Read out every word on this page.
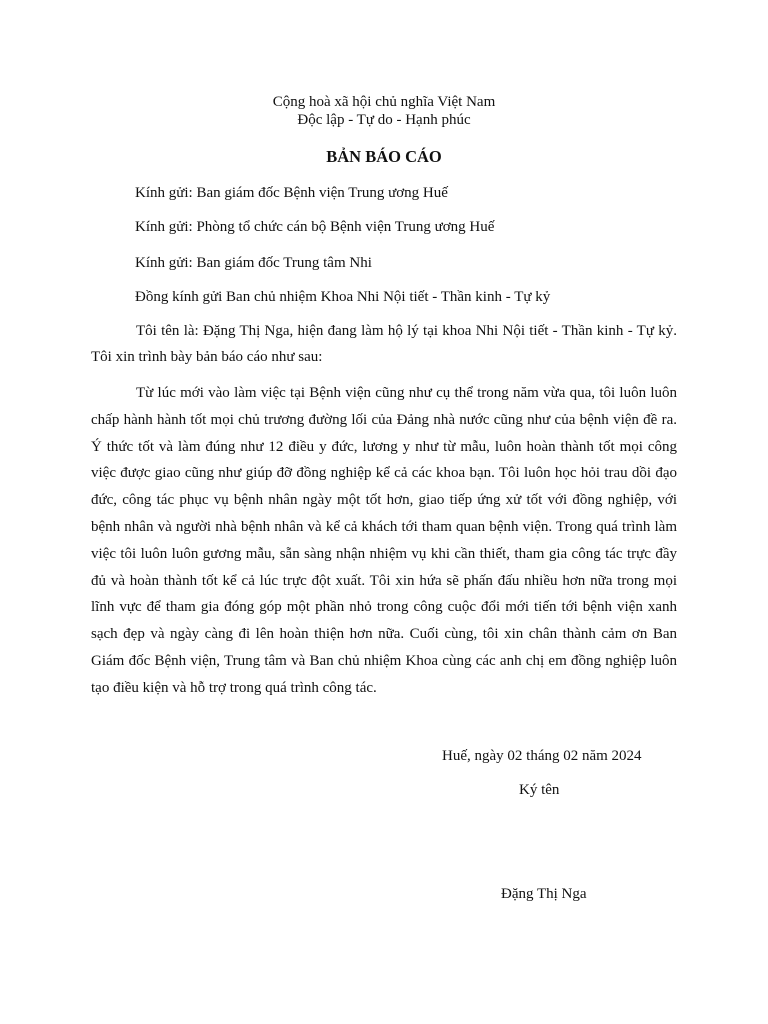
Cộng hoà xã hội chủ nghĩa Việt Nam
Độc lập - Tự do - Hạnh phúc
BẢN BÁO CÁO
Kính gửi: Ban giám đốc Bệnh viện Trung ương Huế
Kính gửi: Phòng tổ chức cán bộ Bệnh viện Trung ương Huế
Kính gửi: Ban giám đốc Trung tâm Nhi
Đồng kính gửi Ban chủ nhiệm Khoa Nhi Nội tiết - Thần kinh - Tự kỷ
Tôi tên là: Đặng Thị Nga, hiện đang làm hộ lý tại khoa Nhi Nội tiết - Thần kinh - Tự kỷ. Tôi xin trình bày bản báo cáo như sau:
Từ lúc mới vào làm việc tại Bệnh viện cũng như cụ thể trong năm vừa qua, tôi luôn luôn chấp hành hành tốt mọi chủ trương đường lối của Đảng nhà nước cũng như của bệnh viện đề ra. Ý thức tốt và làm đúng như 12 điều y đức, lương y như từ mẫu, luôn hoàn thành tốt mọi công việc được giao cũng như giúp đỡ đồng nghiệp kể cả các khoa bạn. Tôi luôn học hỏi trau dồi đạo đức, công tác phục vụ bệnh nhân ngày một tốt hơn, giao tiếp ứng xử tốt với đồng nghiệp, với bệnh nhân và người nhà bệnh nhân và kể cả khách tới tham quan bệnh viện. Trong quá trình làm việc tôi luôn luôn gương mẫu, sẵn sàng nhận nhiệm vụ khi cần thiết, tham gia công tác trực đầy đủ và hoàn thành tốt kể cả lúc trực đột xuất. Tôi xin hứa sẽ phấn đấu nhiều hơn nữa trong mọi lĩnh vực để tham gia đóng góp một phần nhỏ trong công cuộc đổi mới tiến tới bệnh viện xanh sạch đẹp và ngày càng đi lên hoàn thiện hơn nữa. Cuối cùng, tôi xin chân thành cảm ơn Ban Giám đốc Bệnh viện, Trung tâm và Ban chủ nhiệm Khoa cùng các anh chị em đồng nghiệp luôn tạo điều kiện và hỗ trợ trong quá trình công tác.
Huế, ngày 02 tháng 02 năm 2024
Ký tên
Đặng Thị Nga
